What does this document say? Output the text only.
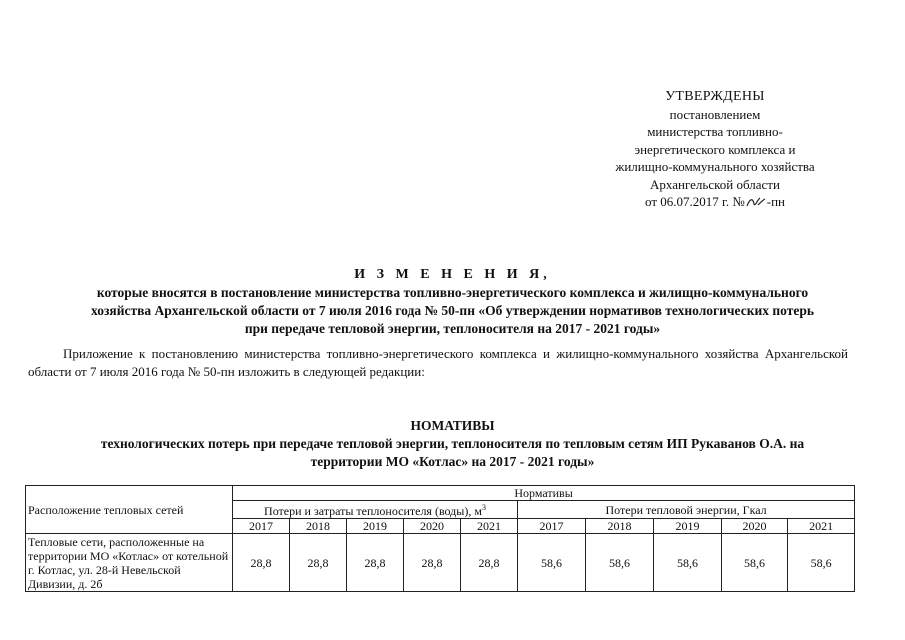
УТВЕРЖДЕНЫ
постановлением
министерства топливно-
энергетического комплекса и
жилищно-коммунального хозяйства
Архангельской области
от 06.07.2017 г. № -пн
И З М Е Н Е Н И Я,
которые вносятся в постановление министерства топливно-энергетического комплекса и жилищно-коммунального
хозяйства Архангельской области от 7 июля 2016 года № 50-пн «Об утверждении нормативов технологических потерь
при передаче тепловой энергии, теплоносителя на 2017 - 2021 годы»
Приложение к постановлению министерства топливно-энергетического комплекса и жилищно-коммунального хозяйства Архангельской области от 7 июля 2016 года № 50-пн изложить в следующей редакции:
НОМАТИВЫ
технологических потерь при передаче тепловой энергии, теплоносителя по тепловым сетям ИП Рукаванов О.А. на
территории МО «Котлас» на 2017 - 2021 годы»
Расположение тепловых сетей	Нормативы									
	Потери и затраты теплоносителя (воды), $м^3$					Потери тепловой энергии, Гкал				
	2017	2018	2019	2020	2021	2017	2018	2019	2020	2021
Тепловые сети, расположенные на территории МО «Котлас» от котельной г. Котлас, ул. 28-й Невельской Дивизии, д. 2б	28,8	28,8	28,8	28,8	28,8	58,6	58,6	58,6	58,6	58,6
